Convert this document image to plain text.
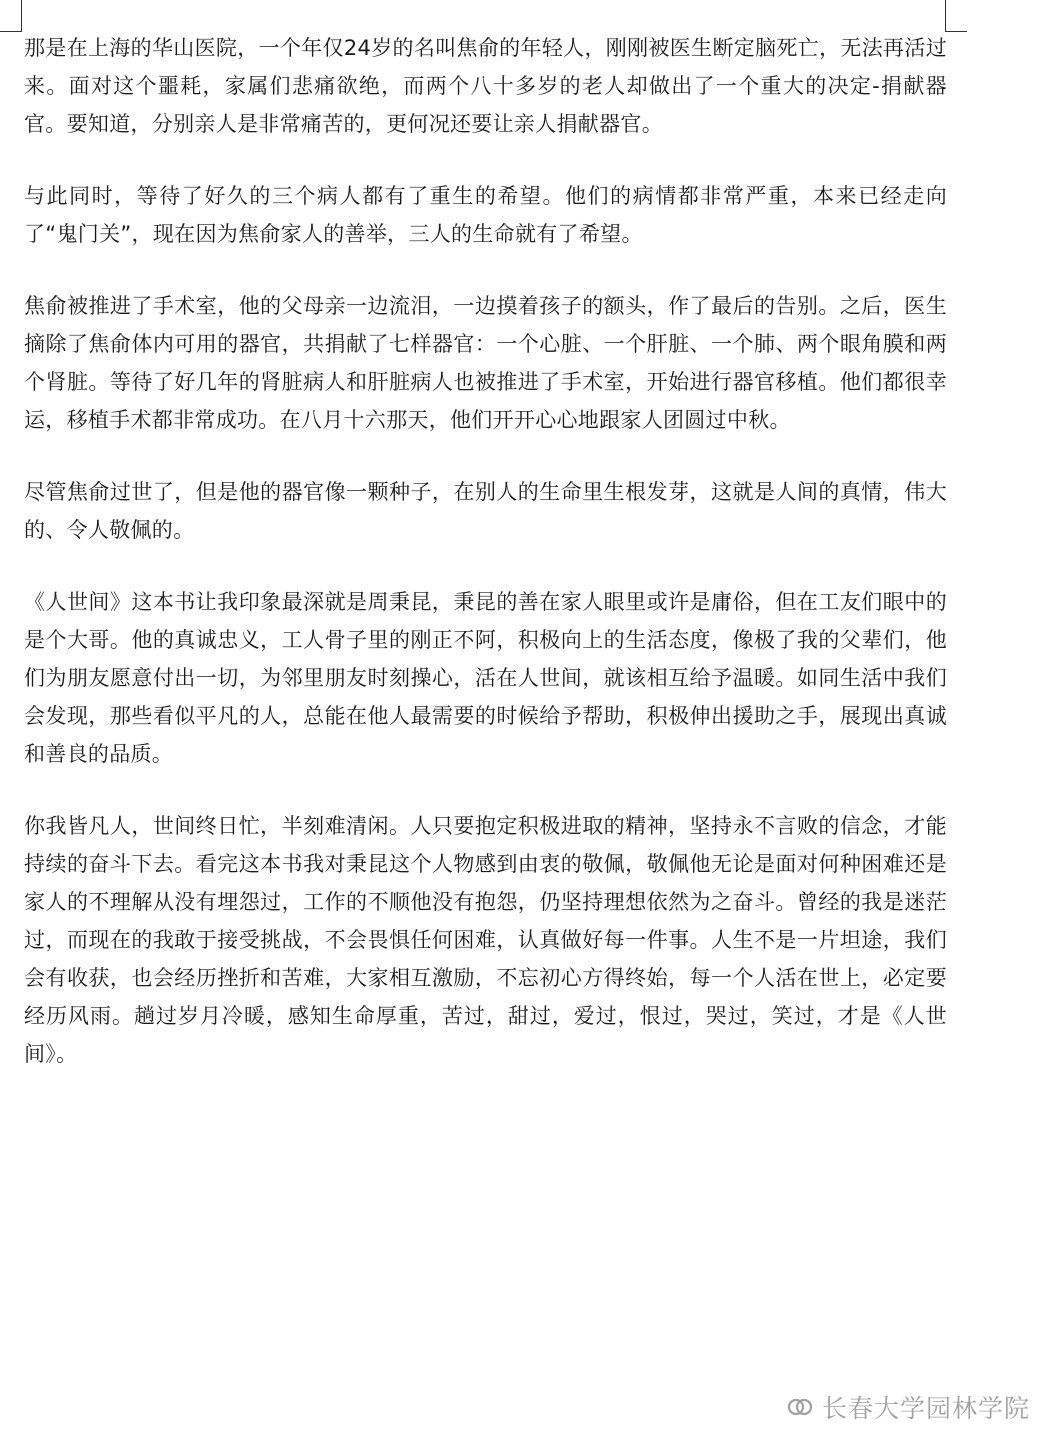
那是在上海的华山医院，一个年仅24岁的名叫焦俞的年轻人，刚刚被医生断定脑死亡，无法再活过来。面对这个噩耗，家属们悲痛欲绝，而两个八十多岁的老人却做出了一个重大的决定-捐献器官。要知道，分别亲人是非常痛苦的，更何况还要让亲人捐献器官。

与此同时，等待了好久的三个病人都有了重生的希望。他们的病情都非常严重，本来已经走向了“鬼门关”，现在因为焦俞家人的善举，三人的生命就有了希望。

焦俞被推进了手术室，他的父母亲一边流泪，一边摸着孩子的额头，作了最后的告别。之后，医生摘除了焦俞体内可用的器官，共捐献了七样器官：一个心脏、一个肝脏、一个肺、两个眼角膜和两个肾脏。等待了好几年的肾脏病人和肝脏病人也被推进了手术室，开始进行器官移植。他们都很幸运，移植手术都非常成功。在八月十六那天，他们开开心心地跟家人团圆过中秋。

尽管焦俞过世了，但是他的器官像一颗种子，在别人的生命里生根发芽，这就是人间的真情，伟大的、令人敬佩的。

《人世间》这本书让我印象最深就是周秉昆，秉昆的善在家人眼里或许是庸俗，但在工友们眼中的是个大哥。他的真诚忠义，工人骨子里的刚正不阿，积极向上的生活态度，像极了我的父辈们，他们为朋友愿意付出一切，为邻里朋友时刻操心，活在人世间，就该相互给予温暖。如同生活中我们会发现，那些看似平凡的人，总能在他人最需要的时候给予帮助，积极伸出援助之手，展现出真诚和善良的品质。

你我皆凡人，世间终日忙，半刻难清闲。人只要抱定积极进取的精神，坚持永不言败的信念，才能持续的奋斗下去。看完这本书我对秉昆这个人物感到由衷的敬佩，敬佩他无论是面对何种困难还是家人的不理解从没有埋怨过，工作的不顺他没有抱怨，仍坚持理想依然为之奋斗。曾经的我是迷茫过，而现在的我敢于接受挑战，不会畏惧任何困难，认真做好每一件事。人生不是一片坦途，我们会有收获，也会经历挫折和苦难，大家相互激励，不忘初心方得终始，每一个人活在世上，必定要经历风雨。趟过岁月冷暖，感知生命厚重，苦过，甜过，爱过，恨过，哭过，笑过，才是《人世间》。

长春大学园林学院
